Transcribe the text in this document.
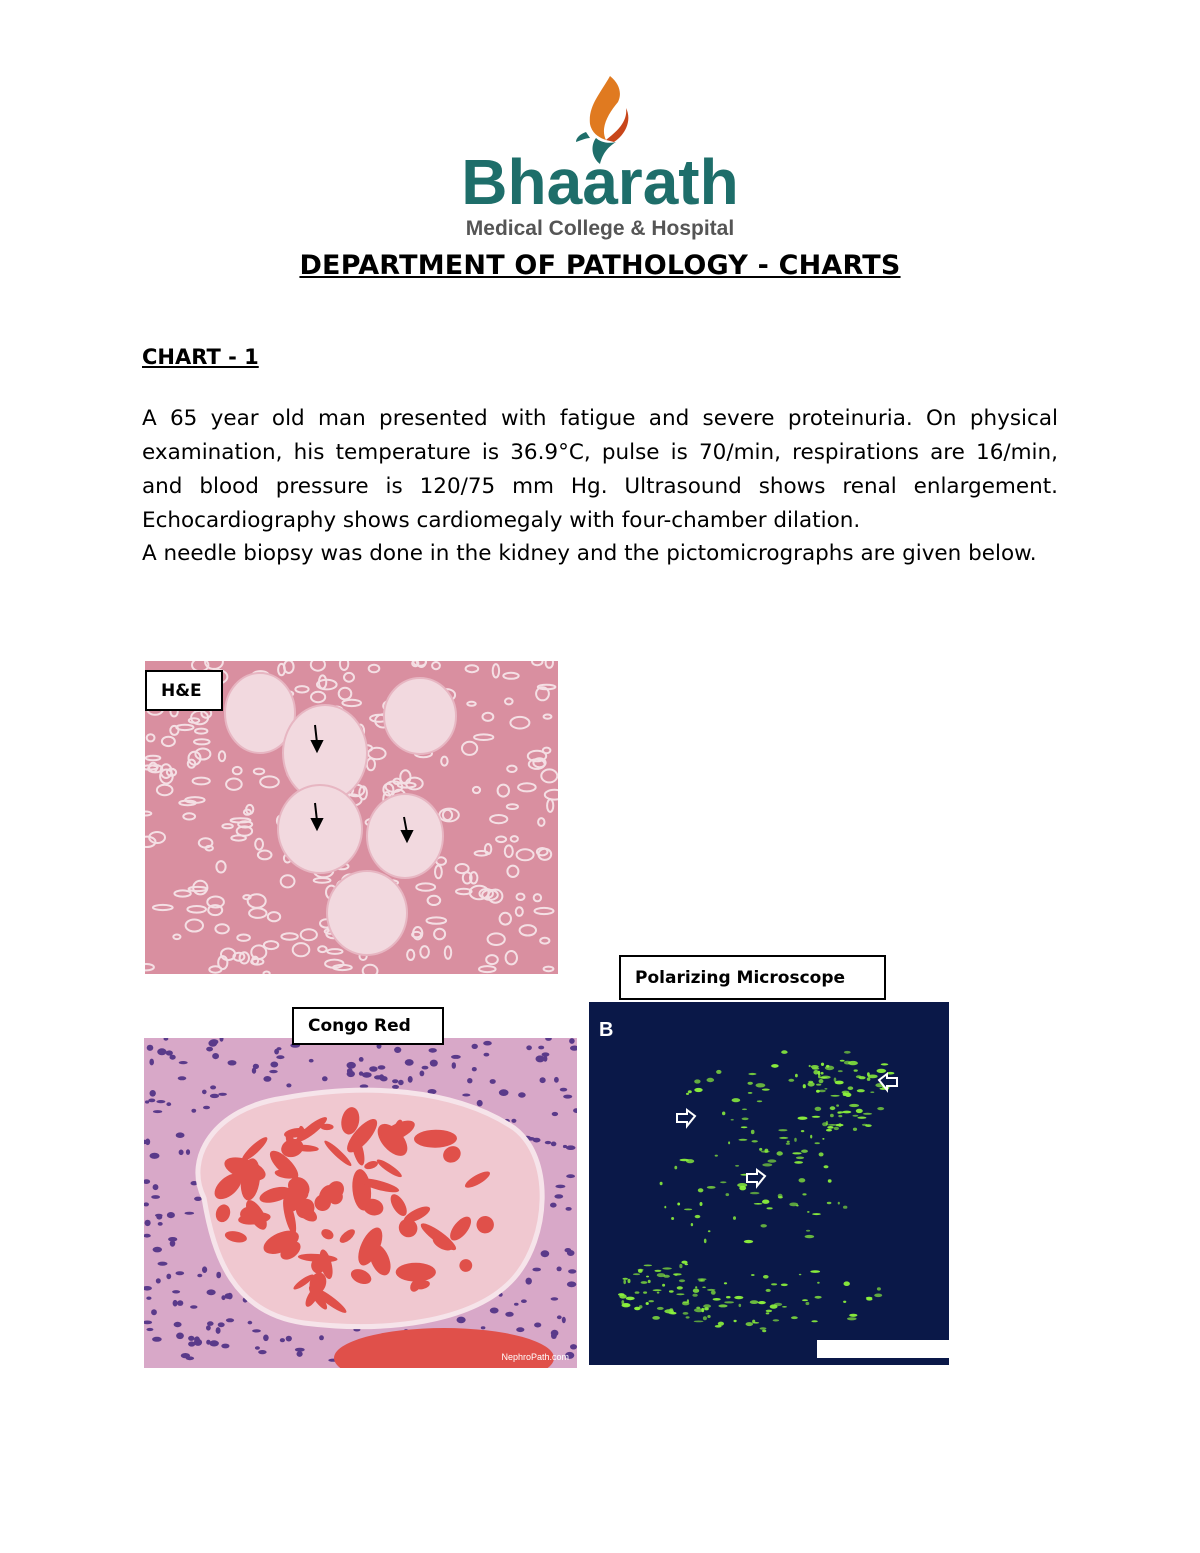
Bhaarath
Medical College & Hospital
DEPARTMENT OF PATHOLOGY - CHARTS
CHART - 1
A 65 year old man presented with fatigue and severe proteinuria. On physical examination, his temperature is 36.9°C, pulse is 70/min, respirations are 16/min, and blood pressure is 120/75 mm Hg. Ultrasound shows renal enlargement. Echocardiography shows cardiomegaly with four-chamber dilation.
A needle biopsy was done in the kidney and the pictomicrographs are given below.
H&E
Polarizing Microscope
NephroPath.com
Congo Red	B
